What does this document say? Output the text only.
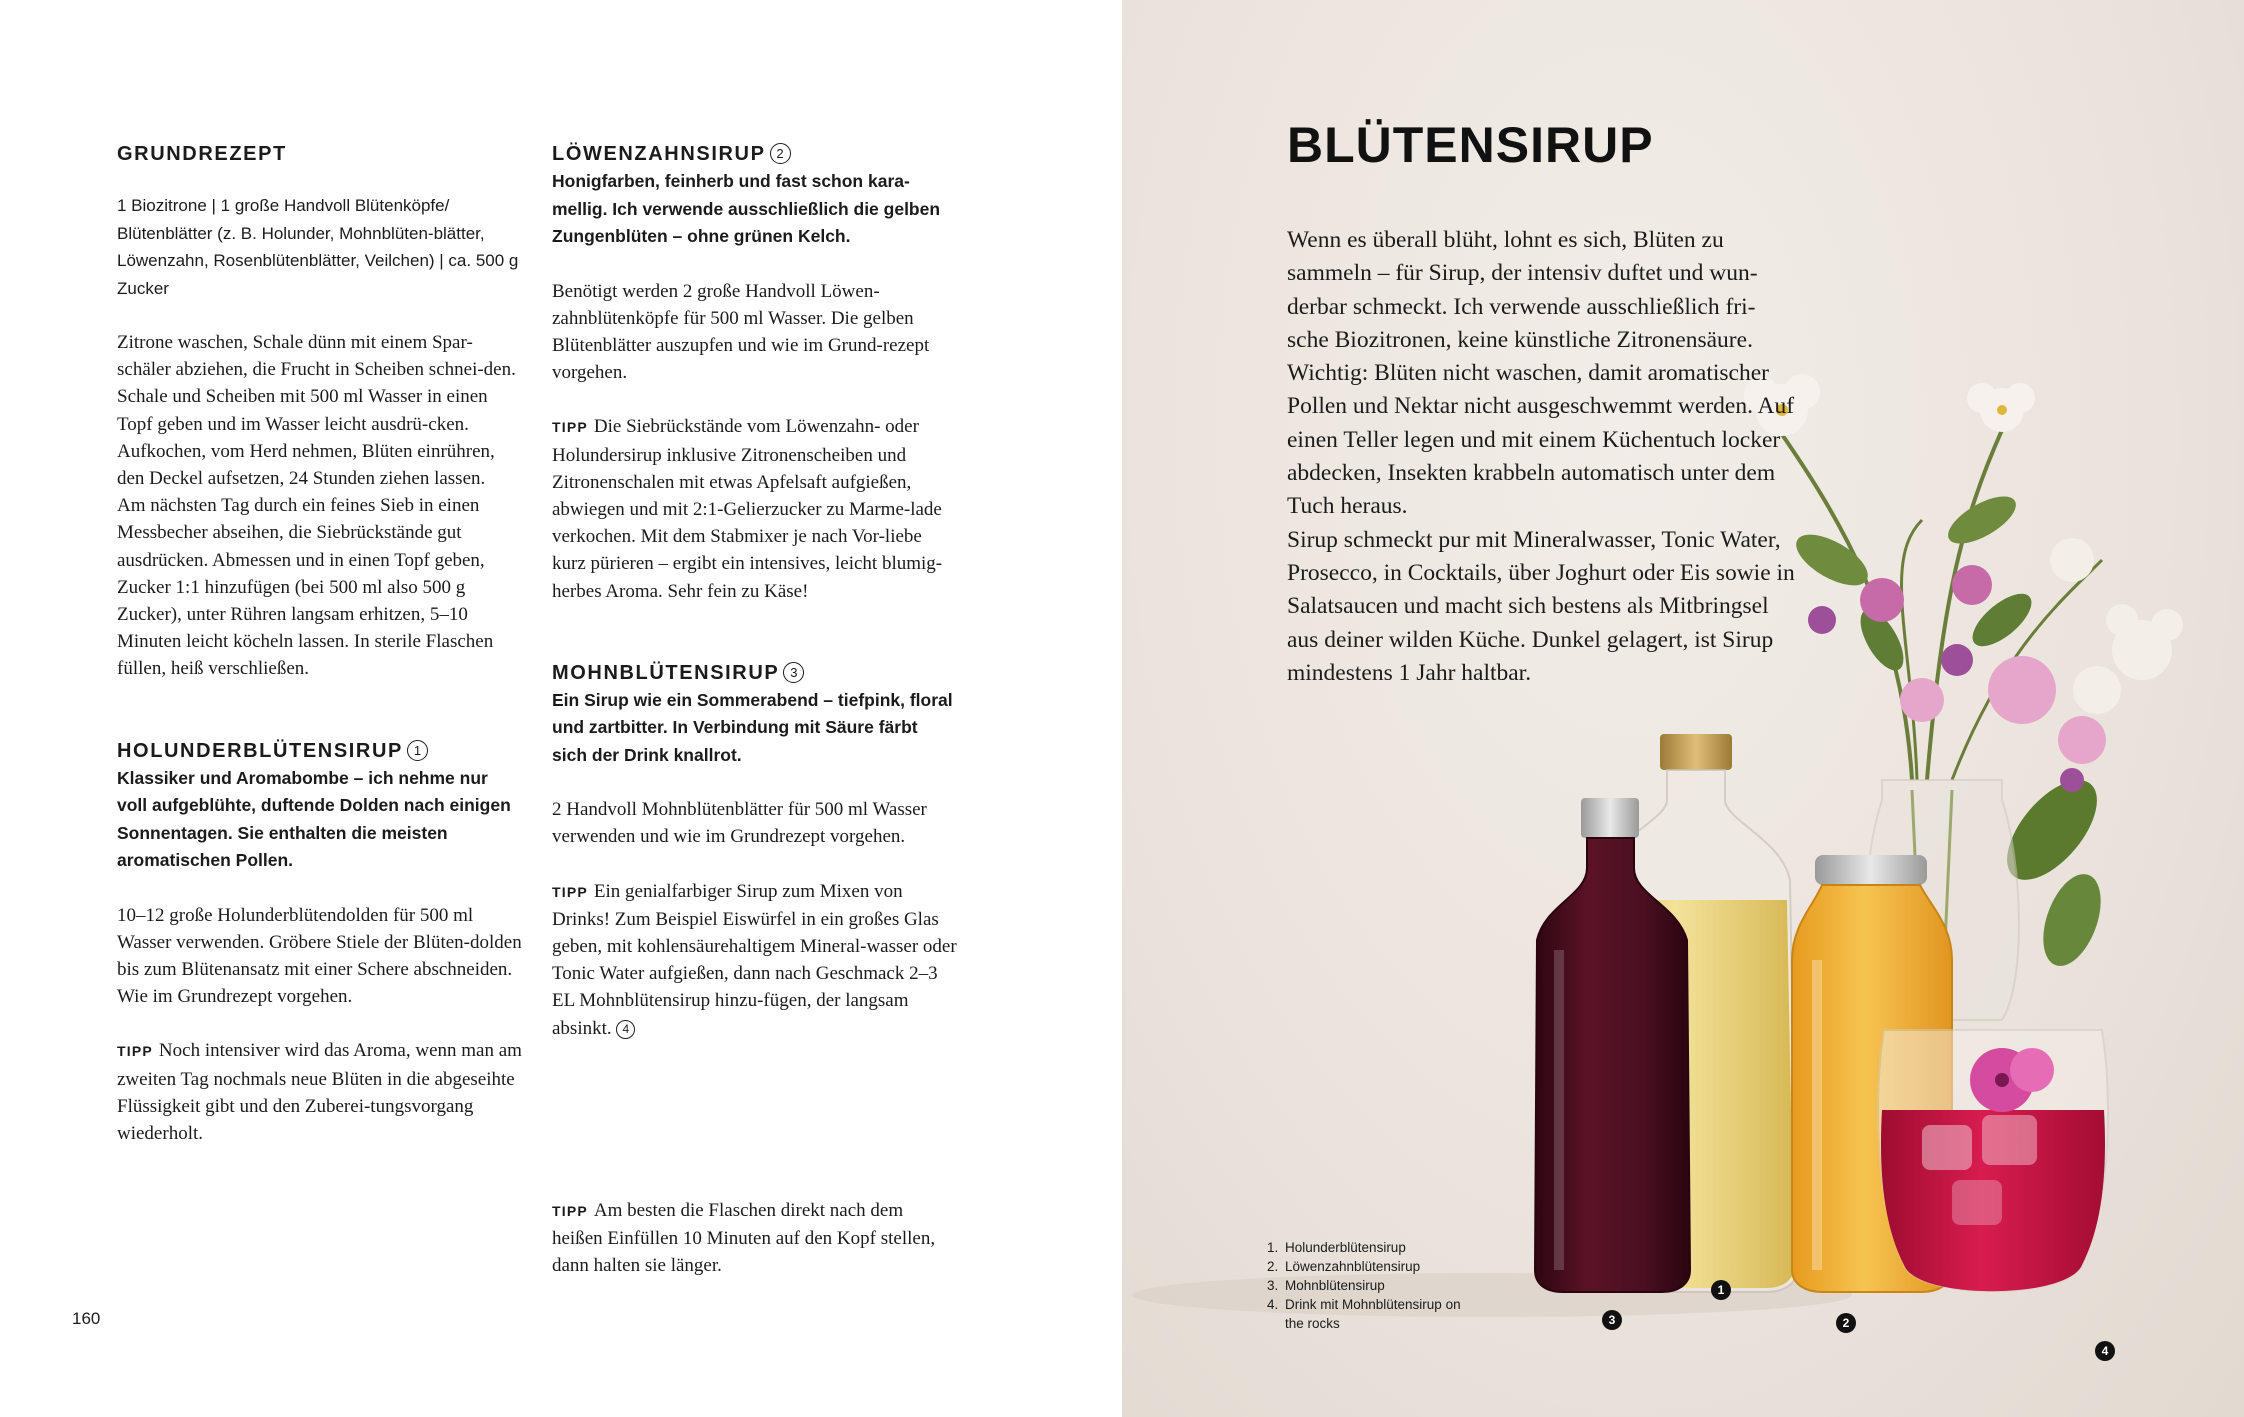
GRUNDREZEPT

1 Biozitrone | 1 große Handvoll Blütenköpfe/ Blütenblätter (z. B. Holunder, Mohnblüten-blätter, Löwenzahn, Rosenblütenblätter, Veilchen) | ca. 500 g Zucker

Zitrone waschen, Schale dünn mit einem Spar-schäler abziehen, die Frucht in Scheiben schnei-den. Schale und Scheiben mit 500 ml Wasser in einen Topf geben und im Wasser leicht ausdrü-cken. Aufkochen, vom Herd nehmen, Blüten einrühren, den Deckel aufsetzen, 24 Stunden ziehen lassen.

Am nächsten Tag durch ein feines Sieb in einen Messbecher abseihen, die Siebrückstände gut ausdrücken. Abmessen und in einen Topf geben, Zucker 1:1 hinzufügen (bei 500 ml also 500 g Zucker), unter Rühren langsam erhitzen, 5–10 Minuten leicht köcheln lassen. In sterile Flaschen füllen, heiß verschließen.

HOLUNDERBLÜTENSIRUP 1

Klassiker und Aromabombe – ich nehme nur voll aufgeblühte, duftende Dolden nach einigen Sonnentagen. Sie enthalten die meisten aromatischen Pollen.

10–12 große Holunderblütendolden für 500 ml Wasser verwenden. Gröbere Stiele der Blüten-dolden bis zum Blütenansatz mit einer Schere abschneiden. Wie im Grundrezept vorgehen.

TIPP Noch intensiver wird das Aroma, wenn man am zweiten Tag nochmals neue Blüten in die abgeseihte Flüssigkeit gibt und den Zuberei-tungsvorgang wiederholt.

LÖWENZAHNSIRUP 2

Honigfarben, feinherb und fast schon kara-mellig. Ich verwende ausschließlich die gelben Zungenblüten – ohne grünen Kelch.

Benötigt werden 2 große Handvoll Löwen-zahnblütenköpfe für 500 ml Wasser. Die gelben Blütenblätter auszupfen und wie im Grund-rezept vorgehen.

TIPP Die Siebrückstände vom Löwenzahn- oder Holundersirup inklusive Zitronenscheiben und Zitronenschalen mit etwas Apfelsaft aufgießen, abwiegen und mit 2:1-Gelierzucker zu Marme-lade verkochen. Mit dem Stabmixer je nach Vor-liebe kurz pürieren – ergibt ein intensives, leicht blumig-herbes Aroma. Sehr fein zu Käse!

MOHNBLÜTENSIRUP 3

Ein Sirup wie ein Sommerabend – tiefpink, floral und zartbitter. In Verbindung mit Säure färbt sich der Drink knallrot.

2 Handvoll Mohnblütenblätter für 500 ml Wasser verwenden und wie im Grundrezept vorgehen.

TIPP Ein genialfarbiger Sirup zum Mixen von Drinks! Zum Beispiel Eiswürfel in ein großes Glas geben, mit kohlensäurehaltigem Mineral-wasser oder Tonic Water aufgießen, dann nach Geschmack 2–3 EL Mohnblütensirup hinzu-fügen, der langsam absinkt. 4

TIPP Am besten die Flaschen direkt nach dem heißen Einfüllen 10 Minuten auf den Kopf stellen, dann halten sie länger.

160
BLÜTENSIRUP

Wenn es überall blüht, lohnt es sich, Blüten zu sammeln – für Sirup, der intensiv duftet und wun-derbar schmeckt. Ich verwende ausschließlich fri-sche Biozitronen, keine künstliche Zitronensäure. Wichtig: Blüten nicht waschen, damit aromatischer Pollen und Nektar nicht ausgeschwemmt werden. Auf einen Teller legen und mit einem Küchentuch locker abdecken, Insekten krabbeln automatisch unter dem Tuch heraus.

Sirup schmeckt pur mit Mineralwasser, Tonic Water, Prosecco, in Cocktails, über Joghurt oder Eis sowie in Salatsaucen und macht sich bestens als Mitbringsel aus deiner wilden Küche. Dunkel gelagert, ist Sirup mindestens 1 Jahr haltbar.

1. Holunderblütensirup
2. Löwenzahnblütensirup
3. Mohnblütensirup
4. Drink mit Mohnblütensirup on the rocks
1
2
3
4
